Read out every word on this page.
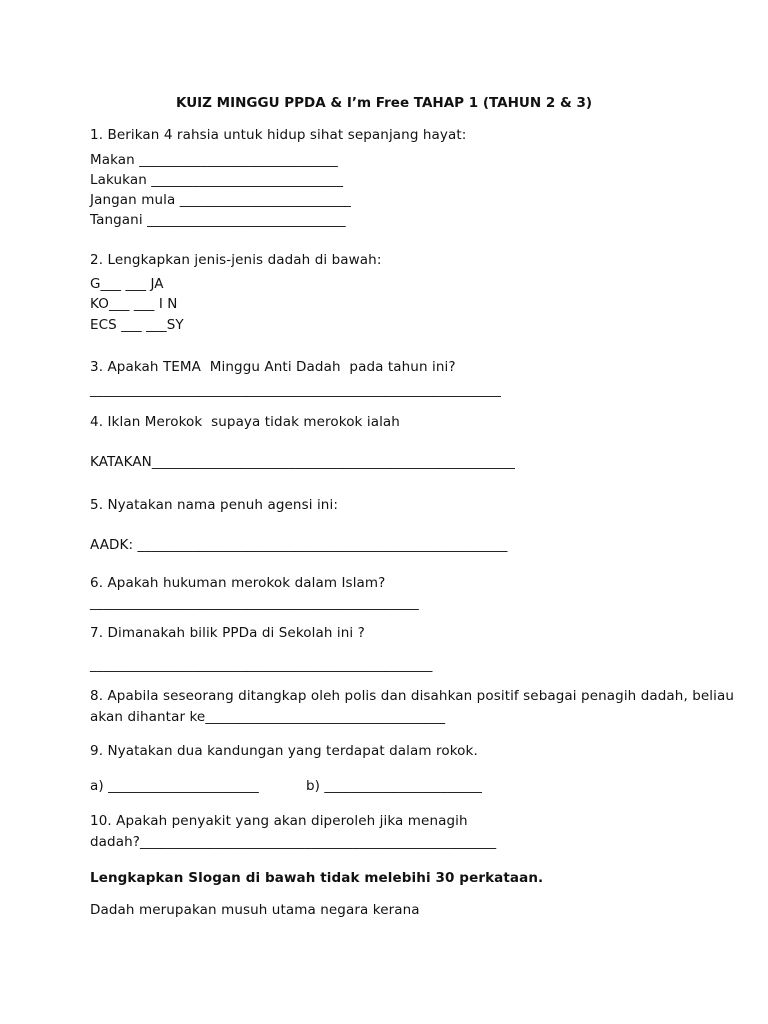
KUIZ MINGGU PPDA & I’m Free TAHAP 1 (TAHUN 2 & 3)
1. Berikan 4 rahsia untuk hidup sihat sepanjang hayat:
Makan _____________________________
Lakukan ____________________________
Jangan mula _________________________
Tangani _____________________________
2. Lengkapkan jenis-jenis dadah di bawah:
G___ ___ JA
KO___ ___ I N
ECS ___ ___SY
3. Apakah TEMA  Minggu Anti Dadah  pada tahun ini?
____________________________________________________________
4. Iklan Merokok  supaya tidak merokok ialah
KATAKAN_____________________________________________________
5. Nyatakan nama penuh agensi ini:
AADK: ______________________________________________________
6. Apakah hukuman merokok dalam Islam?
________________________________________________
7. Dimanakah bilik PPDa di Sekolah ini ?
__________________________________________________
8. Apabila seseorang ditangkap oleh polis dan disahkan positif sebagai penagih dadah, beliau
akan dihantar ke___________________________________
9. Nyatakan dua kandungan yang terdapat dalam rokok.
a) ______________________	b) _______________________
10. Apakah penyakit yang akan diperoleh jika menagih
dadah?____________________________________________________
Lengkapkan Slogan di bawah tidak melebihi 30 perkataan.
Dadah merupakan musuh utama negara kerana
